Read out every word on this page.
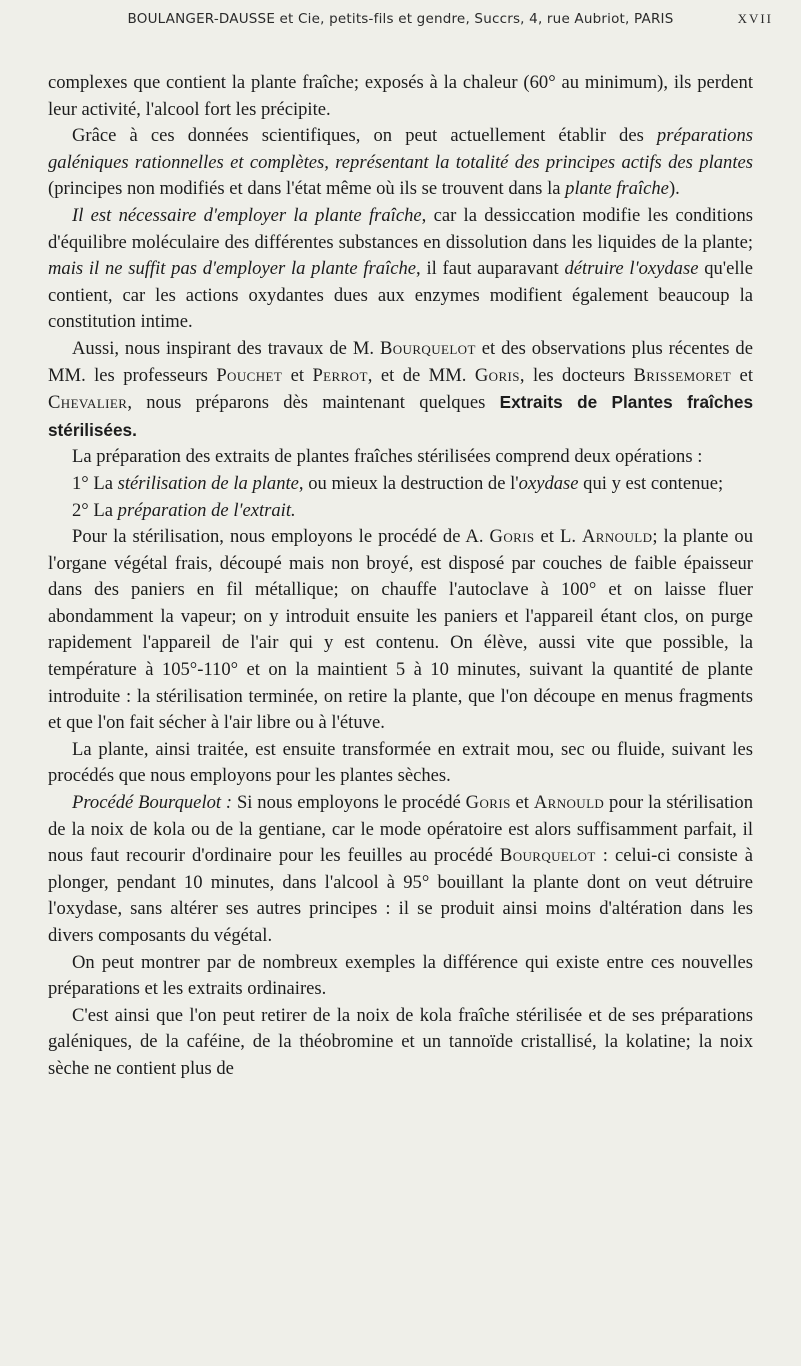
BOULANGER-DAUSSE et Cie, petits-fils et gendre, Succrs, 4, rue Aubriot, PARIS	XVII

complexes que contient la plante fraîche; exposés à la chaleur (60° au minimum), ils perdent leur activité, l'alcool fort les précipite.

Grâce à ces données scientifiques, on peut actuellement établir des préparations galéniques rationnelles et complètes, représentant la totalité des principes actifs des plantes (principes non modifiés et dans l'état même où ils se trouvent dans la plante fraîche).

Il est nécessaire d'employer la plante fraîche, car la dessiccation modifie les conditions d'équilibre moléculaire des différentes substances en dissolution dans les liquides de la plante; mais il ne suffit pas d'employer la plante fraîche, il faut auparavant détruire l'oxydase qu'elle contient, car les actions oxydantes dues aux enzymes modifient également beaucoup la constitution intime.

Aussi, nous inspirant des travaux de M. Bourquelot et des observations plus récentes de MM. les professeurs Pouchet et Perrot, et de MM. Goris, les docteurs Brissemoret et Chevalier, nous préparons dès maintenant quelques Extraits de Plantes fraîches stérilisées.

La préparation des extraits de plantes fraîches stérilisées comprend deux opérations :

1° La stérilisation de la plante, ou mieux la destruction de l'oxydase qui y est contenue;

2° La préparation de l'extrait.

Pour la stérilisation, nous employons le procédé de A. Goris et L. Arnould; la plante ou l'organe végétal frais, découpé mais non broyé, est disposé par couches de faible épaisseur dans des paniers en fil métallique; on chauffe l'autoclave à 100° et on laisse fluer abondamment la vapeur; on y introduit ensuite les paniers et l'appareil étant clos, on purge rapidement l'appareil de l'air qui y est contenu. On élève, aussi vite que possible, la température à 105°-110° et on la maintient 5 à 10 minutes, suivant la quantité de plante introduite : la stérilisation terminée, on retire la plante, que l'on découpe en menus fragments et que l'on fait sécher à l'air libre ou à l'étuve.

La plante, ainsi traitée, est ensuite transformée en extrait mou, sec ou fluide, suivant les procédés que nous employons pour les plantes sèches.

Procédé Bourquelot : Si nous employons le procédé Goris et Arnould pour la stérilisation de la noix de kola ou de la gentiane, car le mode opératoire est alors suffisamment parfait, il nous faut recourir d'ordinaire pour les feuilles au procédé Bourquelot : celui-ci consiste à plonger, pendant 10 minutes, dans l'alcool à 95° bouillant la plante dont on veut détruire l'oxydase, sans altérer ses autres principes : il se produit ainsi moins d'altération dans les divers composants du végétal.

On peut montrer par de nombreux exemples la différence qui existe entre ces nouvelles préparations et les extraits ordinaires.

C'est ainsi que l'on peut retirer de la noix de kola fraîche stérilisée et de ses préparations galéniques, de la caféine, de la théobromine et un tannoïde cristallisé, la kolatine; la noix sèche ne contient plus de
